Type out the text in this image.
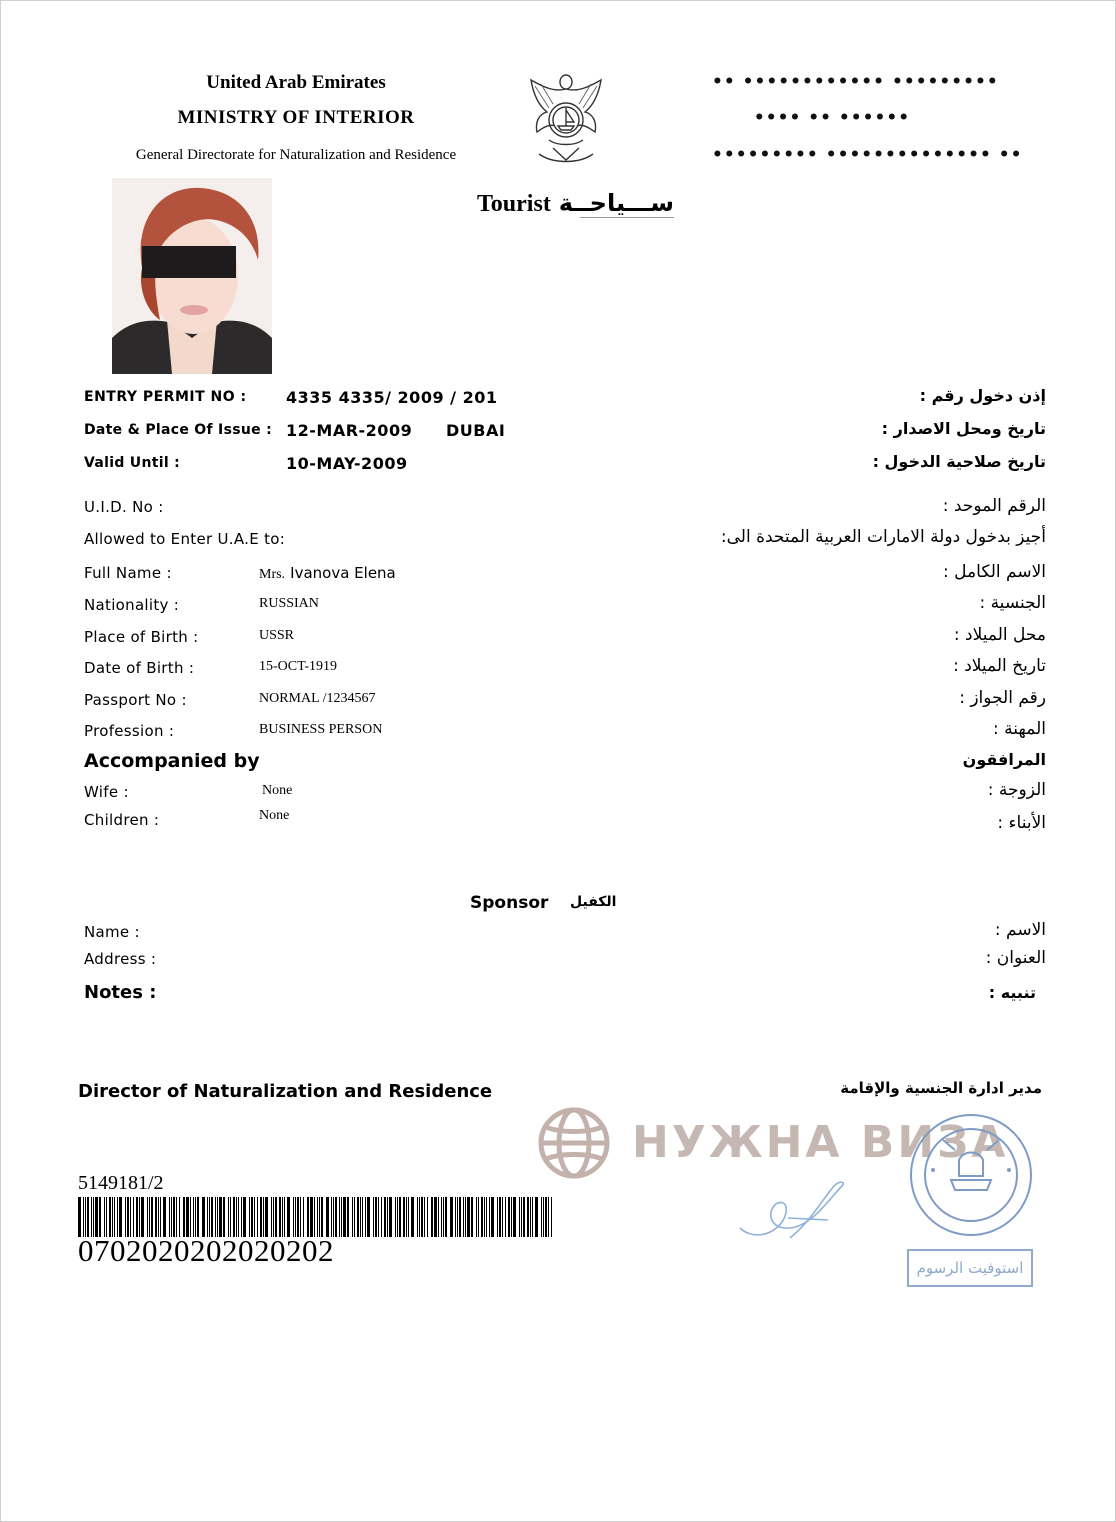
United Arab Emirates
MINISTRY OF INTERIOR
General Directorate for Naturalization and Residence
•• •••••••••••• •••••••••
•••• •• ••••••
••••••••• •••••••••••••• ••
Tourist ســـياحــة
ENTRY PERMIT NO : 4335 4335/ 2009 / 201	إذن دخول رقم :
Date & Place Of Issue : 12-MAR-2009 DUBAI	تاريخ ومحل الاصدار :
Valid Until :	10-MAY-2009	تاريخ صلاحية الدخول :
U.I.D. No :	الرقم الموحد :
Allowed to Enter U.A.E to:	أجيز بدخول دولة الامارات العربية المتحدة الى:
Full Name :	Mrs. Ivanova Elena	الاسم الكامل :
Nationality :	RUSSIAN	الجنسية :
Place of Birth :	USSR	محل الميلاد :
Date of Birth :	15-OCT-1919	تاريخ الميلاد :
Passport No :	NORMAL /1234567	رقم الجواز :
Profession :	BUSINESS PERSON	المهنة :
Accompanied by	المرافقون
Wife :	None	الزوجة :
Children :	None	الأبناء :
Sponsor الكفيل
Name :	الاسم :
Address :	العنوان :
Notes :	تنبيه :
Director of Naturalization and Residence	مدير ادارة الجنسية والإقامة
НУЖНА ВИЗА
استوفيت الرسوم
5149181/2
0702020202020202
